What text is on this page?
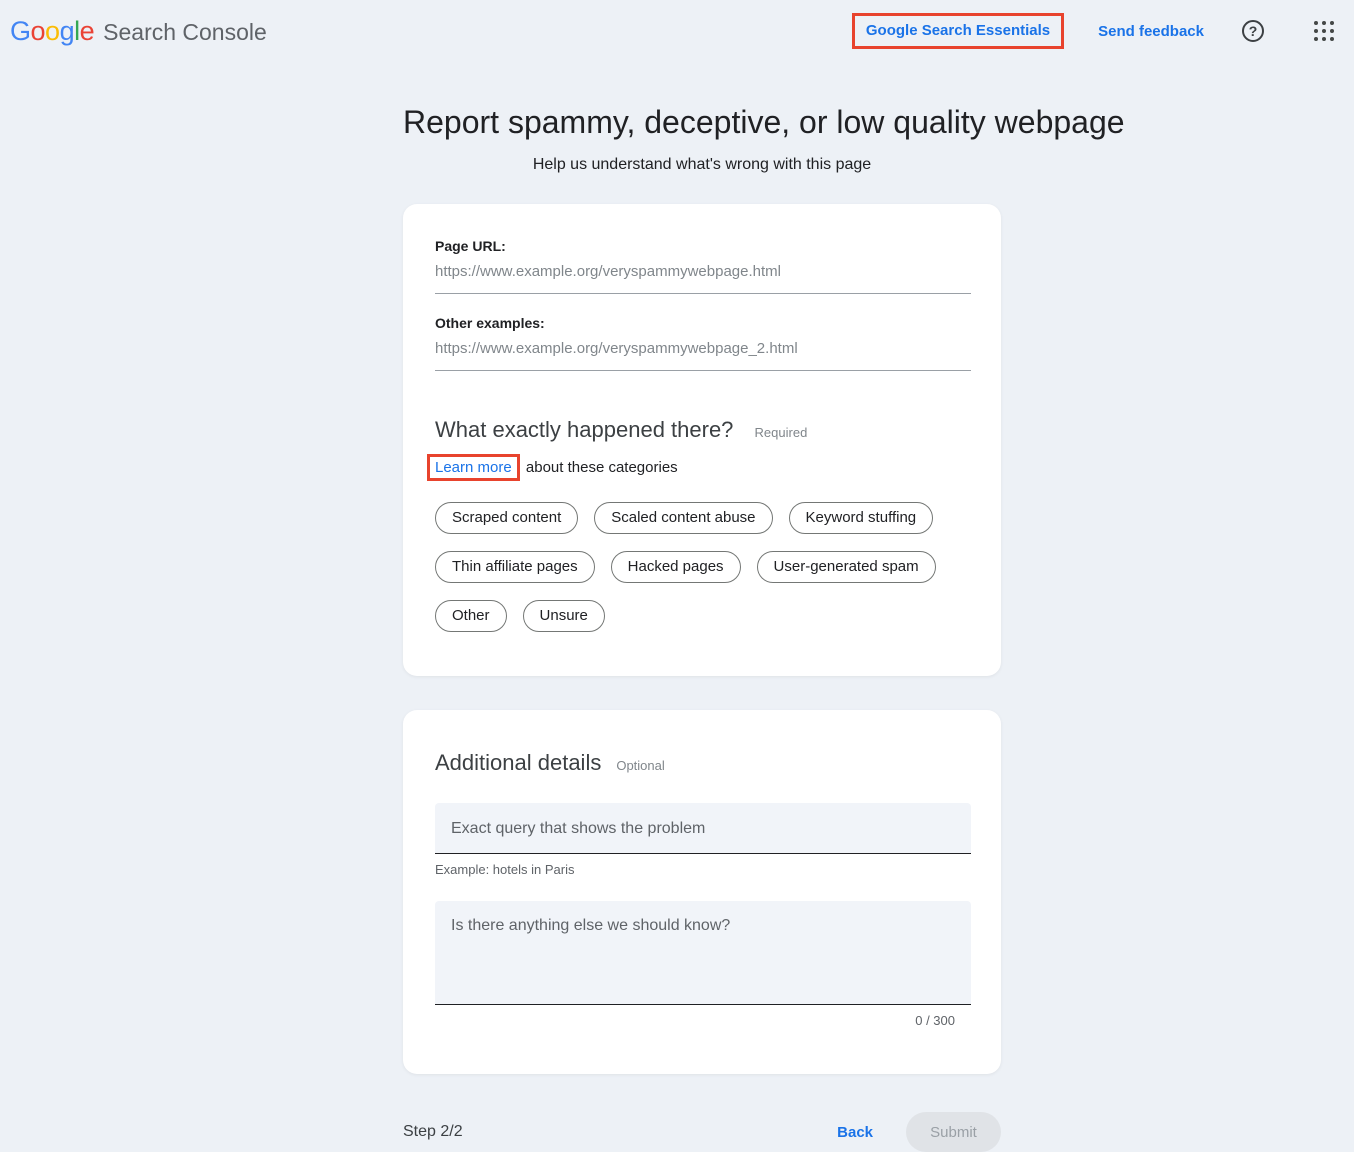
Google Search Console	Google Search Essentials	Send feedback	?
Report spammy, deceptive, or low quality webpage
Help us understand what's wrong with this page
Page URL:
https://www.example.org/veryspammywebpage.html
Other examples:
https://www.example.org/veryspammywebpage_2.html
What exactly happened there? Required
Learn more about these categories
Scraped content	Scaled content abuse	Keyword stuffing
Thin affiliate pages	Hacked pages	User-generated spam
Other	Unsure
Additional details Optional
Exact query that shows the problem
Example: hotels in Paris
Is there anything else we should know?
0 / 300
Step 2/2	Back	Submit
